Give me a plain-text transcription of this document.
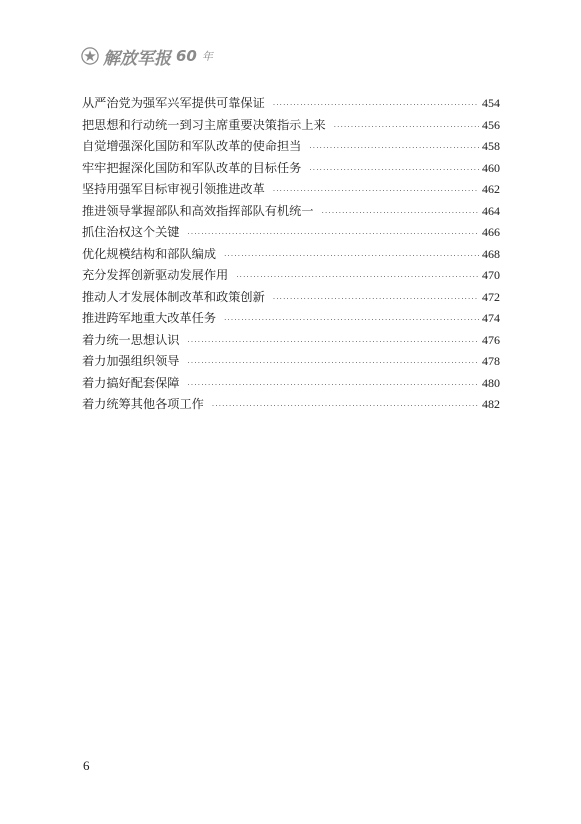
解放军报 60 年
从严治党为强军兴军提供可靠保证 ·····	454
把思想和行动统一到习主席重要决策指示上来 ·····	456
自觉增强深化国防和军队改革的使命担当 ·····	458
牢牢把握深化国防和军队改革的目标任务 ·····	460
坚持用强军目标审视引领推进改革 ·····	462
推进领导掌握部队和高效指挥部队有机统一 ·····	464
抓住治权这个关键 ·····	466
优化规模结构和部队编成 ·····	468
充分发挥创新驱动发展作用 ·····	470
推动人才发展体制改革和政策创新 ·····	472
推进跨军地重大改革任务 ·····	474
着力统一思想认识 ·····	476
着力加强组织领导 ·····	478
着力搞好配套保障 ·····	480
着力统筹其他各项工作 ·····	482
6
